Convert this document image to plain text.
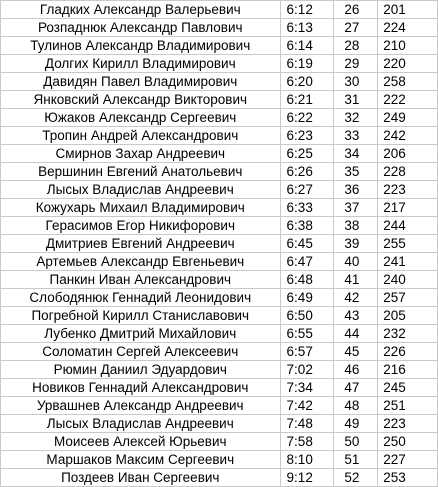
Гладких Александр Валерьевич	6:12	26	201
Розпаднюк Александр Павлович	6:13	27	224
Тулинов Александр Владимирович	6:14	28	210
Долгих Кирилл Владимирович	6:19	29	220
Давидян Павел Владимирович	6:20	30	258
Янковский Александр Викторович	6:21	31	222
Южаков Александр Сергеевич	6:22	32	249
Тропин Андрей Александрович	6:23	33	242
Смирнов Захар Андреевич	6:25	34	206
Вершинин Евгений Анатольевич	6:26	35	228
Лысых Владислав Андреевич	6:27	36	223
Кожухарь Михаил Владимирович	6:33	37	217
Герасимов Егор Никифорович	6:38	38	244
Дмитриев Евгений Андреевич	6:45	39	255
Артемьев Александр Евгеньевич	6:47	40	241
Панкин Иван Александрович	6:48	41	240
Слободянюк Геннадий Леонидович	6:49	42	257
Погребной Кирилл Станиславович	6:50	43	205
Лубенко Дмитрий Михайлович	6:55	44	232
Соломатин Сергей Алексеевич	6:57	45	226
Рюмин Даниил Эдуардович	7:02	46	216
Новиков Геннадий Александрович	7:34	47	245
Урвашнев Александр Андреевич	7:42	48	251
Лысых Владислав Андреевич	7:48	49	223
Моисеев Алексей Юрьевич	7:58	50	250
Маршаков Максим Сергеевич	8:10	51	227
Поздеев Иван Сергеевич	9:12	52	253
